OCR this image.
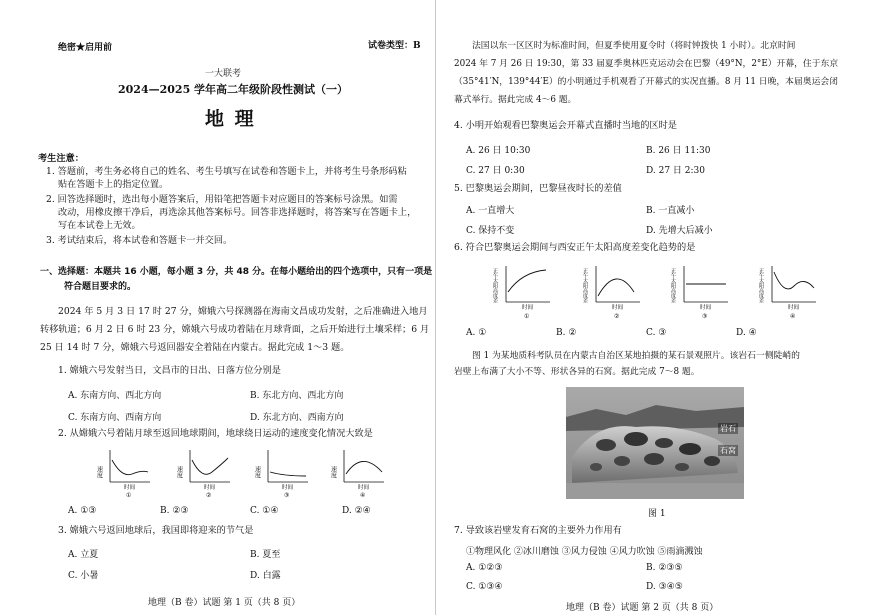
绝密★启用前	试卷类型：B
一大联考
2024—2025 学年高二年级阶段性测试（一）
地 理
考生注意：
1. 答题前，考生务必将自己的姓名、考生号填写在试卷和答题卡上，并将考生号条形码粘
贴在答题卡上的指定位置。
2. 回答选择题时，选出每小题答案后，用铅笔把答题卡对应题目的答案标号涂黑。如需
改动，用橡皮擦干净后，再选涂其他答案标号。回答非选择题时，将答案写在答题卡上，
写在本试卷上无效。
3. 考试结束后，将本试卷和答题卡一并交回。
一、选择题：本题共 16 小题，每小题 3 分，共 48 分。在每小题给出的四个选项中，只有一项是
符合题目要求的。
2024 年 5 月 3 日 17 时 27 分，嫦娥六号探测器在海南文昌成功发射，之后准确进入地月
转移轨道；6 月 2 日 6 时 23 分，嫦娥六号成功着陆在月球背面，之后开始进行土壤采样；6 月
25 日 14 时 7 分，嫦娥六号返回器安全着陆在内蒙古。据此完成 1～3 题。
1. 嫦娥六号发射当日，文昌市的日出、日落方位分别是
A. 东南方向、西北方向	B. 东北方向、西北方向
C. 东南方向、西南方向	D. 东北方向、西南方向
2. 从嫦娥六号着陆月球至返回地球期间，地球绕日运动的速度变化情况大致是
速度
时间
①
速度
时间
②
速度
时间
③
速度
时间
④
A. ①③	B. ②③	C. ①④	D. ②④
3. 嫦娥六号返回地球后，我国即将迎来的节气是
A. 立夏	B. 夏至
C. 小暑	D. 白露
地理（B 卷）试题 第 1 页（共 8 页）
法国以东一区区时为标准时间，但夏季使用夏令时（将时钟拨快 1 小时）。北京时间
2024 年 7 月 26 日 19:30，第 33 届夏季奥林匹克运动会在巴黎（49°N，2°E）开幕，住于东京
（35°41′N，139°44′E）的小明通过手机观看了开幕式的实况直播。8 月 11 日晚，本届奥运会闭
幕式举行。据此完成 4～6 题。
4. 小明开始观看巴黎奥运会开幕式直播时当地的区时是
A. 26 日 10:30	B. 26 日 11:30
C. 27 日 0:30	D. 27 日 2:30
5. 巴黎奥运会期间，巴黎昼夜时长的差值
A. 一直增大	B. 一直减小
C. 保持不变	D. 先增大后减小
6. 符合巴黎奥运会期间与西安正午太阳高度差变化趋势的是
正午太阳高度差
时间
①
正午太阳高度差
时间
②
正午太阳高度差
时间
③
正午太阳高度差
时间
④
A. ①	B. ②	C. ③	D. ④
图 1 为某地质科考队员在内蒙古自治区某地拍摄的某石景观照片。该岩石一侧陡峭的
岩壁上布满了大小不等、形状各异的石窝。据此完成 7～8 题。
岩石
石窝
图 1
7. 导致该岩壁发育石窝的主要外力作用有
①物理风化 ②冰川磨蚀 ③风力侵蚀 ④风力吹蚀 ⑤雨滴溅蚀
A. ①②③	B. ②③⑤
C. ①③④	D. ③④⑤
地理（B 卷）试题 第 2 页（共 8 页）
